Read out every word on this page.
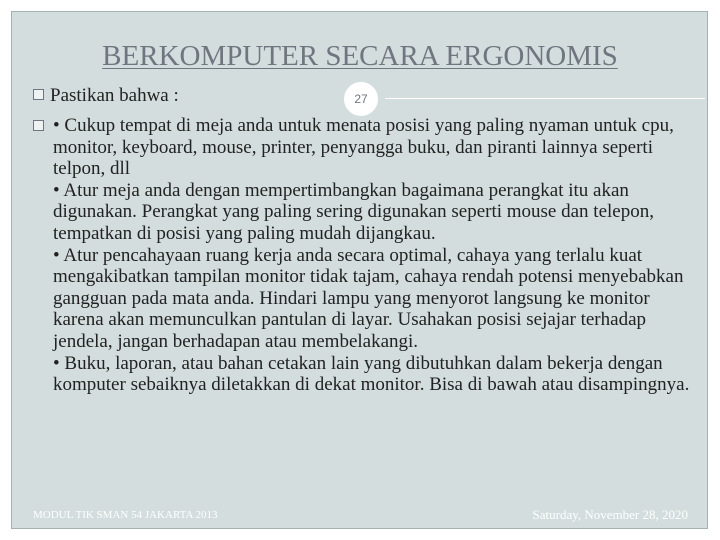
BERKOMPUTER SECARA ERGONOMIS
27
Pastikan bahwa :
• Cukup tempat di meja anda untuk menata posisi yang paling nyaman untuk cpu, monitor, keyboard, mouse, printer, penyangga buku, dan piranti lainnya seperti telpon, dll
• Atur meja anda dengan mempertimbangkan bagaimana perangkat itu akan digunakan. Perangkat yang paling sering digunakan seperti mouse dan telepon, tempatkan di posisi yang paling mudah dijangkau.
• Atur pencahayaan ruang kerja anda secara optimal, cahaya yang terlalu kuat mengakibatkan tampilan monitor tidak tajam, cahaya rendah potensi menyebabkan gangguan pada mata anda. Hindari lampu yang menyorot langsung ke monitor karena akan memunculkan pantulan di layar. Usahakan posisi sejajar terhadap jendela, jangan berhadapan atau membelakangi.
• Buku, laporan, atau bahan cetakan lain yang dibutuhkan dalam bekerja dengan komputer sebaiknya diletakkan di dekat monitor. Bisa di bawah atau disampingnya.
MODUL TIK SMAN 54 JAKARTA 2013	Saturday, November 28, 2020
